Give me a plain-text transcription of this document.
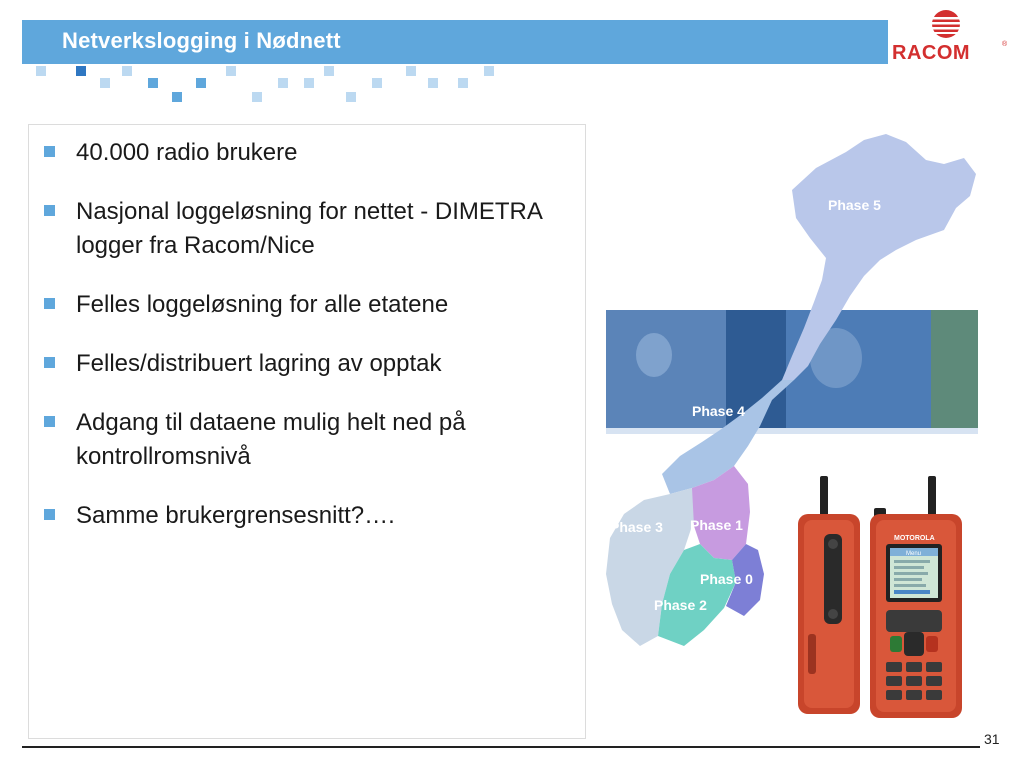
Netverkslogging i Nødnett	RACOM	®
40.000 radio brukere
Nasjonal loggeløsning for nettet - DIMETRA logger fra Racom/Nice
Felles loggeløsning for alle etatene
Felles/distribuert lagring av opptak
Adgang til dataene mulig helt ned på kontrollromsnivå
Samme brukergrensesnitt?….
Phase 5
Phase 4
Phase 3 Phase 1
Phase 0
Phase 2
MOTOROLA
Menu
31
